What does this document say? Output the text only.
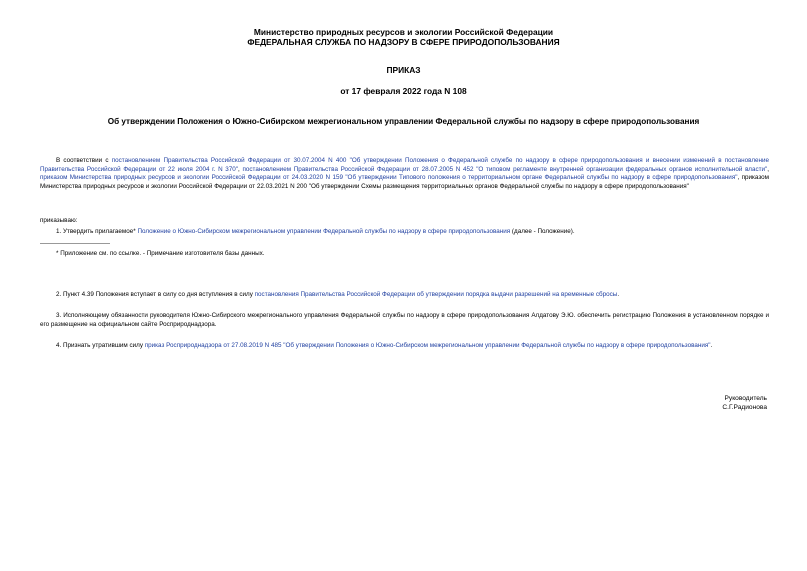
Министерство природных ресурсов и экологии Российской Федерации
ФЕДЕРАЛЬНАЯ СЛУЖБА ПО НАДЗОРУ В СФЕРЕ ПРИРОДОПОЛЬЗОВАНИЯ
ПРИКАЗ
от 17 февраля 2022 года N 108
Об утверждении Положения о Южно-Сибирском межрегиональном управлении Федеральной службы по надзору в сфере природопользования
В соответствии с постановлением Правительства Российской Федерации от 30.07.2004 N 400 "Об утверждении Положения о Федеральной службе по надзору в сфере природопользования и внесении изменений в постановление Правительства Российской Федерации от 22 июля 2004 г. N 370", постановлением Правительства Российской Федерации от 28.07.2005 N 452 "О типовом регламенте внутренней организации федеральных органов исполнительной власти", приказом Министерства природных ресурсов и экологии Российской Федерации от 24.03.2020 N 159 "Об утверждении Типового положения о территориальном органе Федеральной службы по надзору в сфере природопользования", приказом Министерства природных ресурсов и экологии Российской Федерации от 22.03.2021 N 200 "Об утверждении Схемы размещения территориальных органов Федеральной службы по надзору в сфере природопользования"
приказываю:
1. Утвердить прилагаемое* Положение о Южно-Сибирском межрегиональном управлении Федеральной службы по надзору в сфере природопользования (далее - Положение).
* Приложение см. по ссылке. - Примечание изготовителя базы данных.
2. Пункт 4.39 Положения вступает в силу со дня вступления в силу постановления Правительства Российской Федерации об утверждении порядка выдачи разрешений на временные сбросы.
3. Исполняющему обязанности руководителя Южно-Сибирского межрегионального управления Федеральной службы по надзору в сфере природопользования Алдатову Э.Ю. обеспечить регистрацию Положения в установленном порядке и его размещение на официальном сайте Росприроднадзора.
4. Признать утратившим силу приказ Росприроднадзора от 27.08.2019 N 485 "Об утверждении Положения о Южно-Сибирском межрегиональном управлении Федеральной службы по надзору в сфере природопользования".
Руководитель
С.Г.Радионова
